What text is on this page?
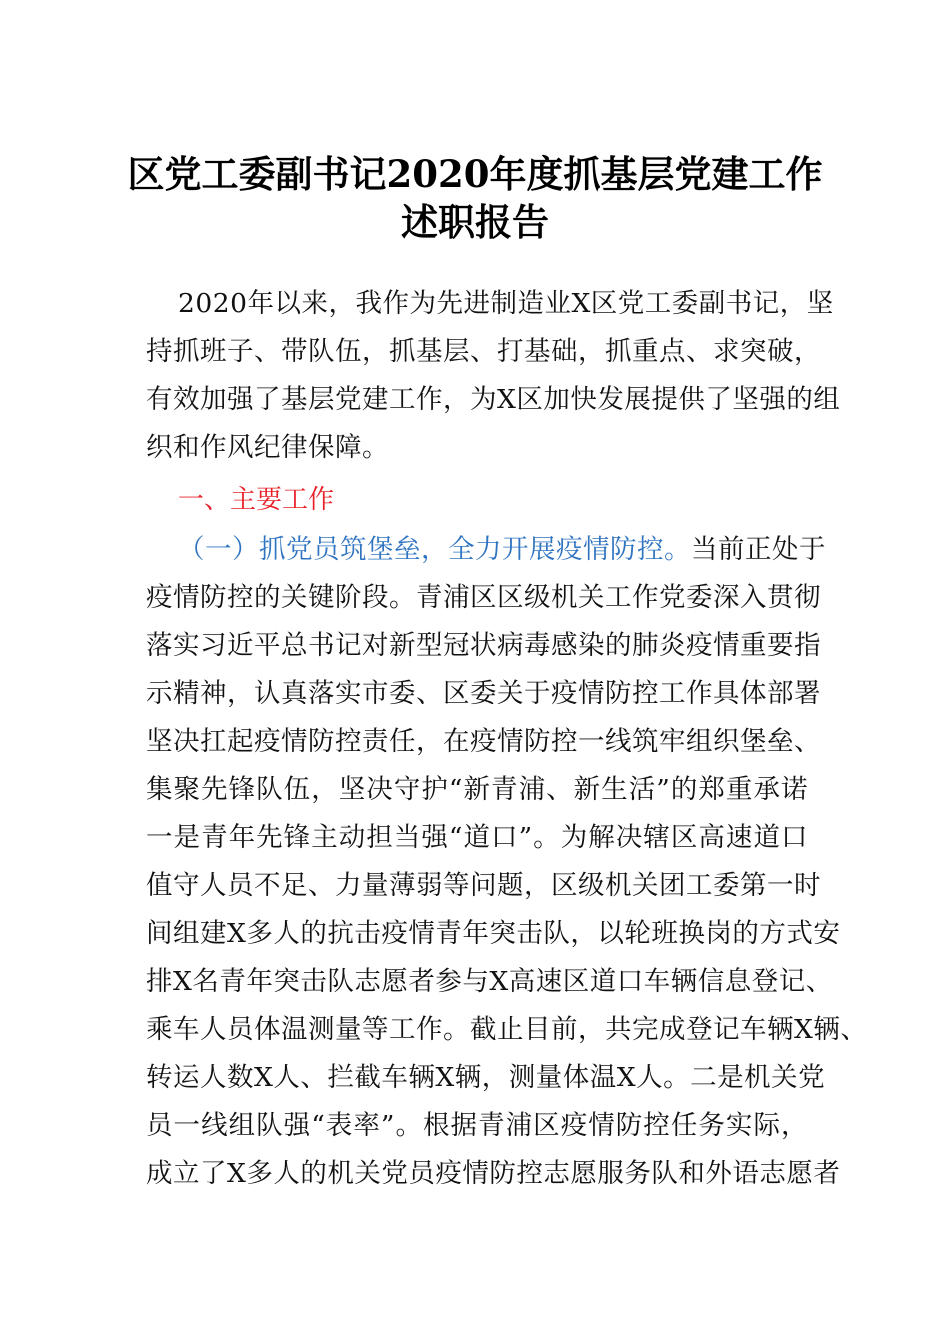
区党工委副书记2020年度抓基层党建工作
述职报告
2020年以来，我作为先进制造业X区党工委副书记，坚
持抓班子、带队伍，抓基层、打基础，抓重点、求突破，
有效加强了基层党建工作，为X区加快发展提供了坚强的组
织和作风纪律保障。
一、主要工作
（一）抓党员筑堡垒，全力开展疫情防控。当前正处于
疫情防控的关键阶段。青浦区区级机关工作党委深入贯彻
落实习近平总书记对新型冠状病毒感染的肺炎疫情重要指
示精神，认真落实市委、区委关于疫情防控工作具体部署
坚决扛起疫情防控责任，在疫情防控一线筑牢组织堡垒、
集聚先锋队伍，坚决守护“新青浦、新生活”的郑重承诺
一是青年先锋主动担当强“道口”。为解决辖区高速道口
值守人员不足、力量薄弱等问题，区级机关团工委第一时
间组建X多人的抗击疫情青年突击队，以轮班换岗的方式安
排X名青年突击队志愿者参与X高速区道口车辆信息登记、
乘车人员体温测量等工作。截止目前，共完成登记车辆X辆、
转运人数X人、拦截车辆X辆，测量体温X人。二是机关党
员一线组队强“表率”。根据青浦区疫情防控任务实际，
成立了X多人的机关党员疫情防控志愿服务队和外语志愿者
